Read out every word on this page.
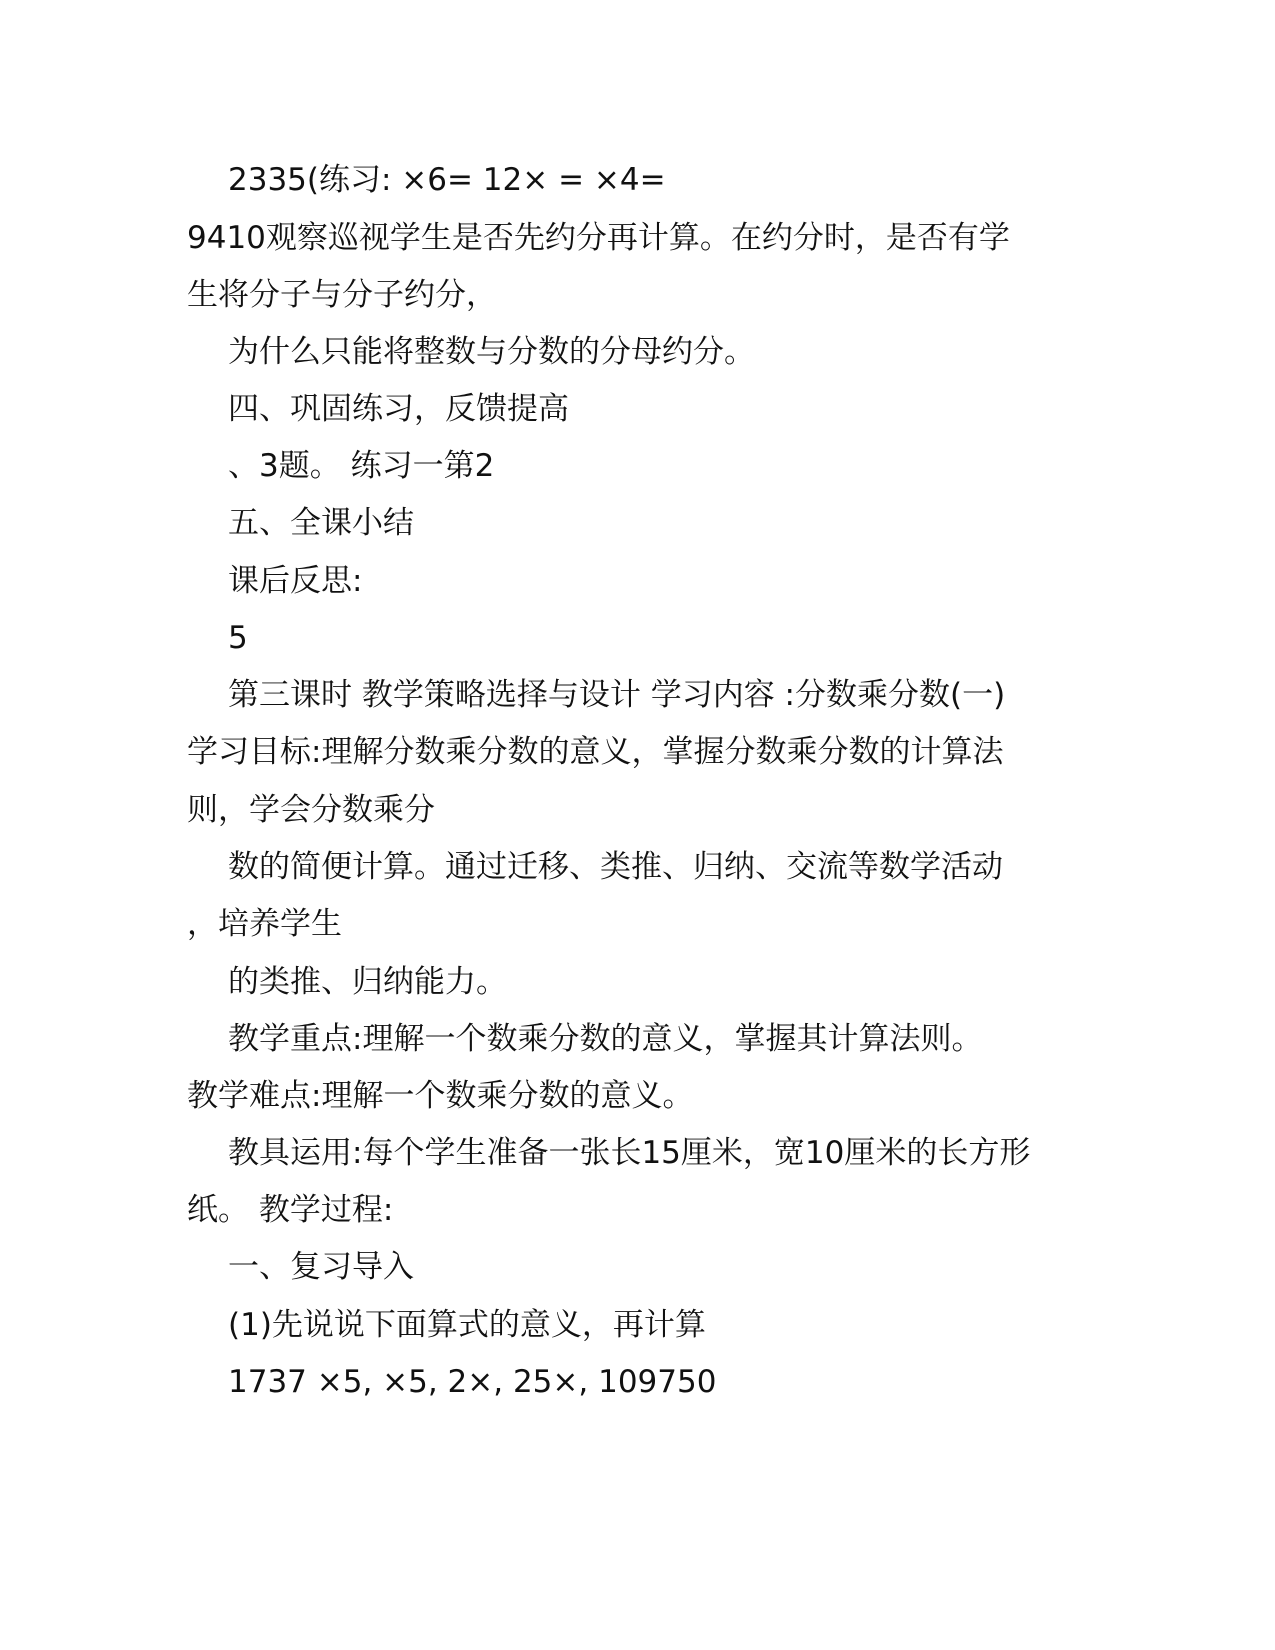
2335(练习: ×6= 12× = ×4=
9410观察巡视学生是否先约分再计算。在约分时，是否有学
生将分子与分子约分，
为什么只能将整数与分数的分母约分。
四、巩固练习，反馈提高
、3题。 练习一第2
五、全课小结
课后反思:
5
第三课时 教学策略选择与设计 学习内容 :分数乘分数(一)
学习目标:理解分数乘分数的意义，掌握分数乘分数的计算法
则，学会分数乘分
数的简便计算。通过迁移、类推、归纳、交流等数学活动
，培养学生
的类推、归纳能力。
教学重点:理解一个数乘分数的意义，掌握其计算法则。
教学难点:理解一个数乘分数的意义。
教具运用:每个学生准备一张长15厘米，宽10厘米的长方形
纸。 教学过程:
一、复习导入
(1)先说说下面算式的意义，再计算
1737 ×5, ×5, 2×, 25×, 109750
